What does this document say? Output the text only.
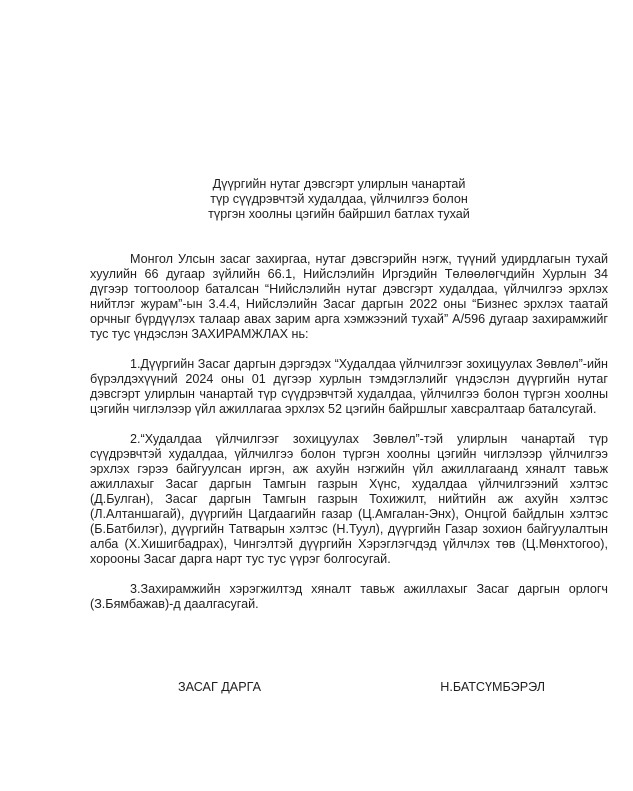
Дүүргийн нутаг дэвсгэрт улирлын чанартай
түр сүүдрэвчтэй худалдаа, үйлчилгээ болон
түргэн хоолны цэгийн байршил батлах тухай

Монгол Улсын засаг захиргаа, нутаг дэвсгэрийн нэгж, түүний удирдлагын тухай хуулийн 66 дугаар зүйлийн 66.1, Нийслэлийн Иргэдийн Төлөөлөгчдийн Хурлын 34 дүгээр тогтоолоор баталсан “Нийслэлийн нутаг дэвсгэрт худалдаа, үйлчилгээ эрхлэх нийтлэг журам”-ын 3.4.4, Нийслэлийн Засаг даргын 2022 оны “Бизнес эрхлэх таатай орчныг бүрдүүлэх талаар авах зарим арга хэмжээний тухай” А/596 дугаар захирамжийг тус тус үндэслэн ЗАХИРАМЖЛАХ нь:

1.Дүүргийн Засаг даргын дэргэдэх “Худалдаа үйлчилгээг зохицуулах Зөвлөл”-ийн бүрэлдэхүүний 2024 оны 01 дүгээр хурлын тэмдэглэлийг үндэслэн дүүргийн нутаг дэвсгэрт улирлын чанартай түр сүүдрэвчтэй худалдаа, үйлчилгээ болон түргэн хоолны цэгийн чиглэлээр үйл ажиллагаа эрхлэх 52 цэгийн байршлыг хавсралтаар баталсугай.

2.“Худалдаа үйлчилгээг зохицуулах Зөвлөл”-тэй улирлын чанартай түр сүүдрэвчтэй худалдаа, үйлчилгээ болон түргэн хоолны цэгийн чиглэлээр үйлчилгээ эрхлэх гэрээ байгуулсан иргэн, аж ахуйн нэгжийн үйл ажиллагаанд хяналт тавьж ажиллахыг Засаг даргын Тамгын газрын Хүнс, худалдаа үйлчилгээний хэлтэс (Д.Булган), Засаг даргын Тамгын газрын Тохижилт, нийтийн аж ахуйн хэлтэс (Л.Алтаншагай), дүүргийн Цагдаагийн газар (Ц.Амгалан-Энх), Онцгой байдлын хэлтэс (Б.Батбилэг), дүүргийн Татварын хэлтэс (Н.Туул), дүүргийн Газар зохион байгуулалтын алба (Х.Хишигбадрах), Чингэлтэй дүүргийн Хэрэглэгчдэд үйлчлэх төв (Ц.Мөнхтогоо), хорооны Засаг дарга нарт тус тус үүрэг болгосугай.

3.Захирамжийн хэрэгжилтэд хяналт тавьж ажиллахыг Засаг даргын орлогч (З.Бямбажав)-д даалгасугай.

ЗАСАГ ДАРГА	Н.БАТСҮМБЭРЭЛ
